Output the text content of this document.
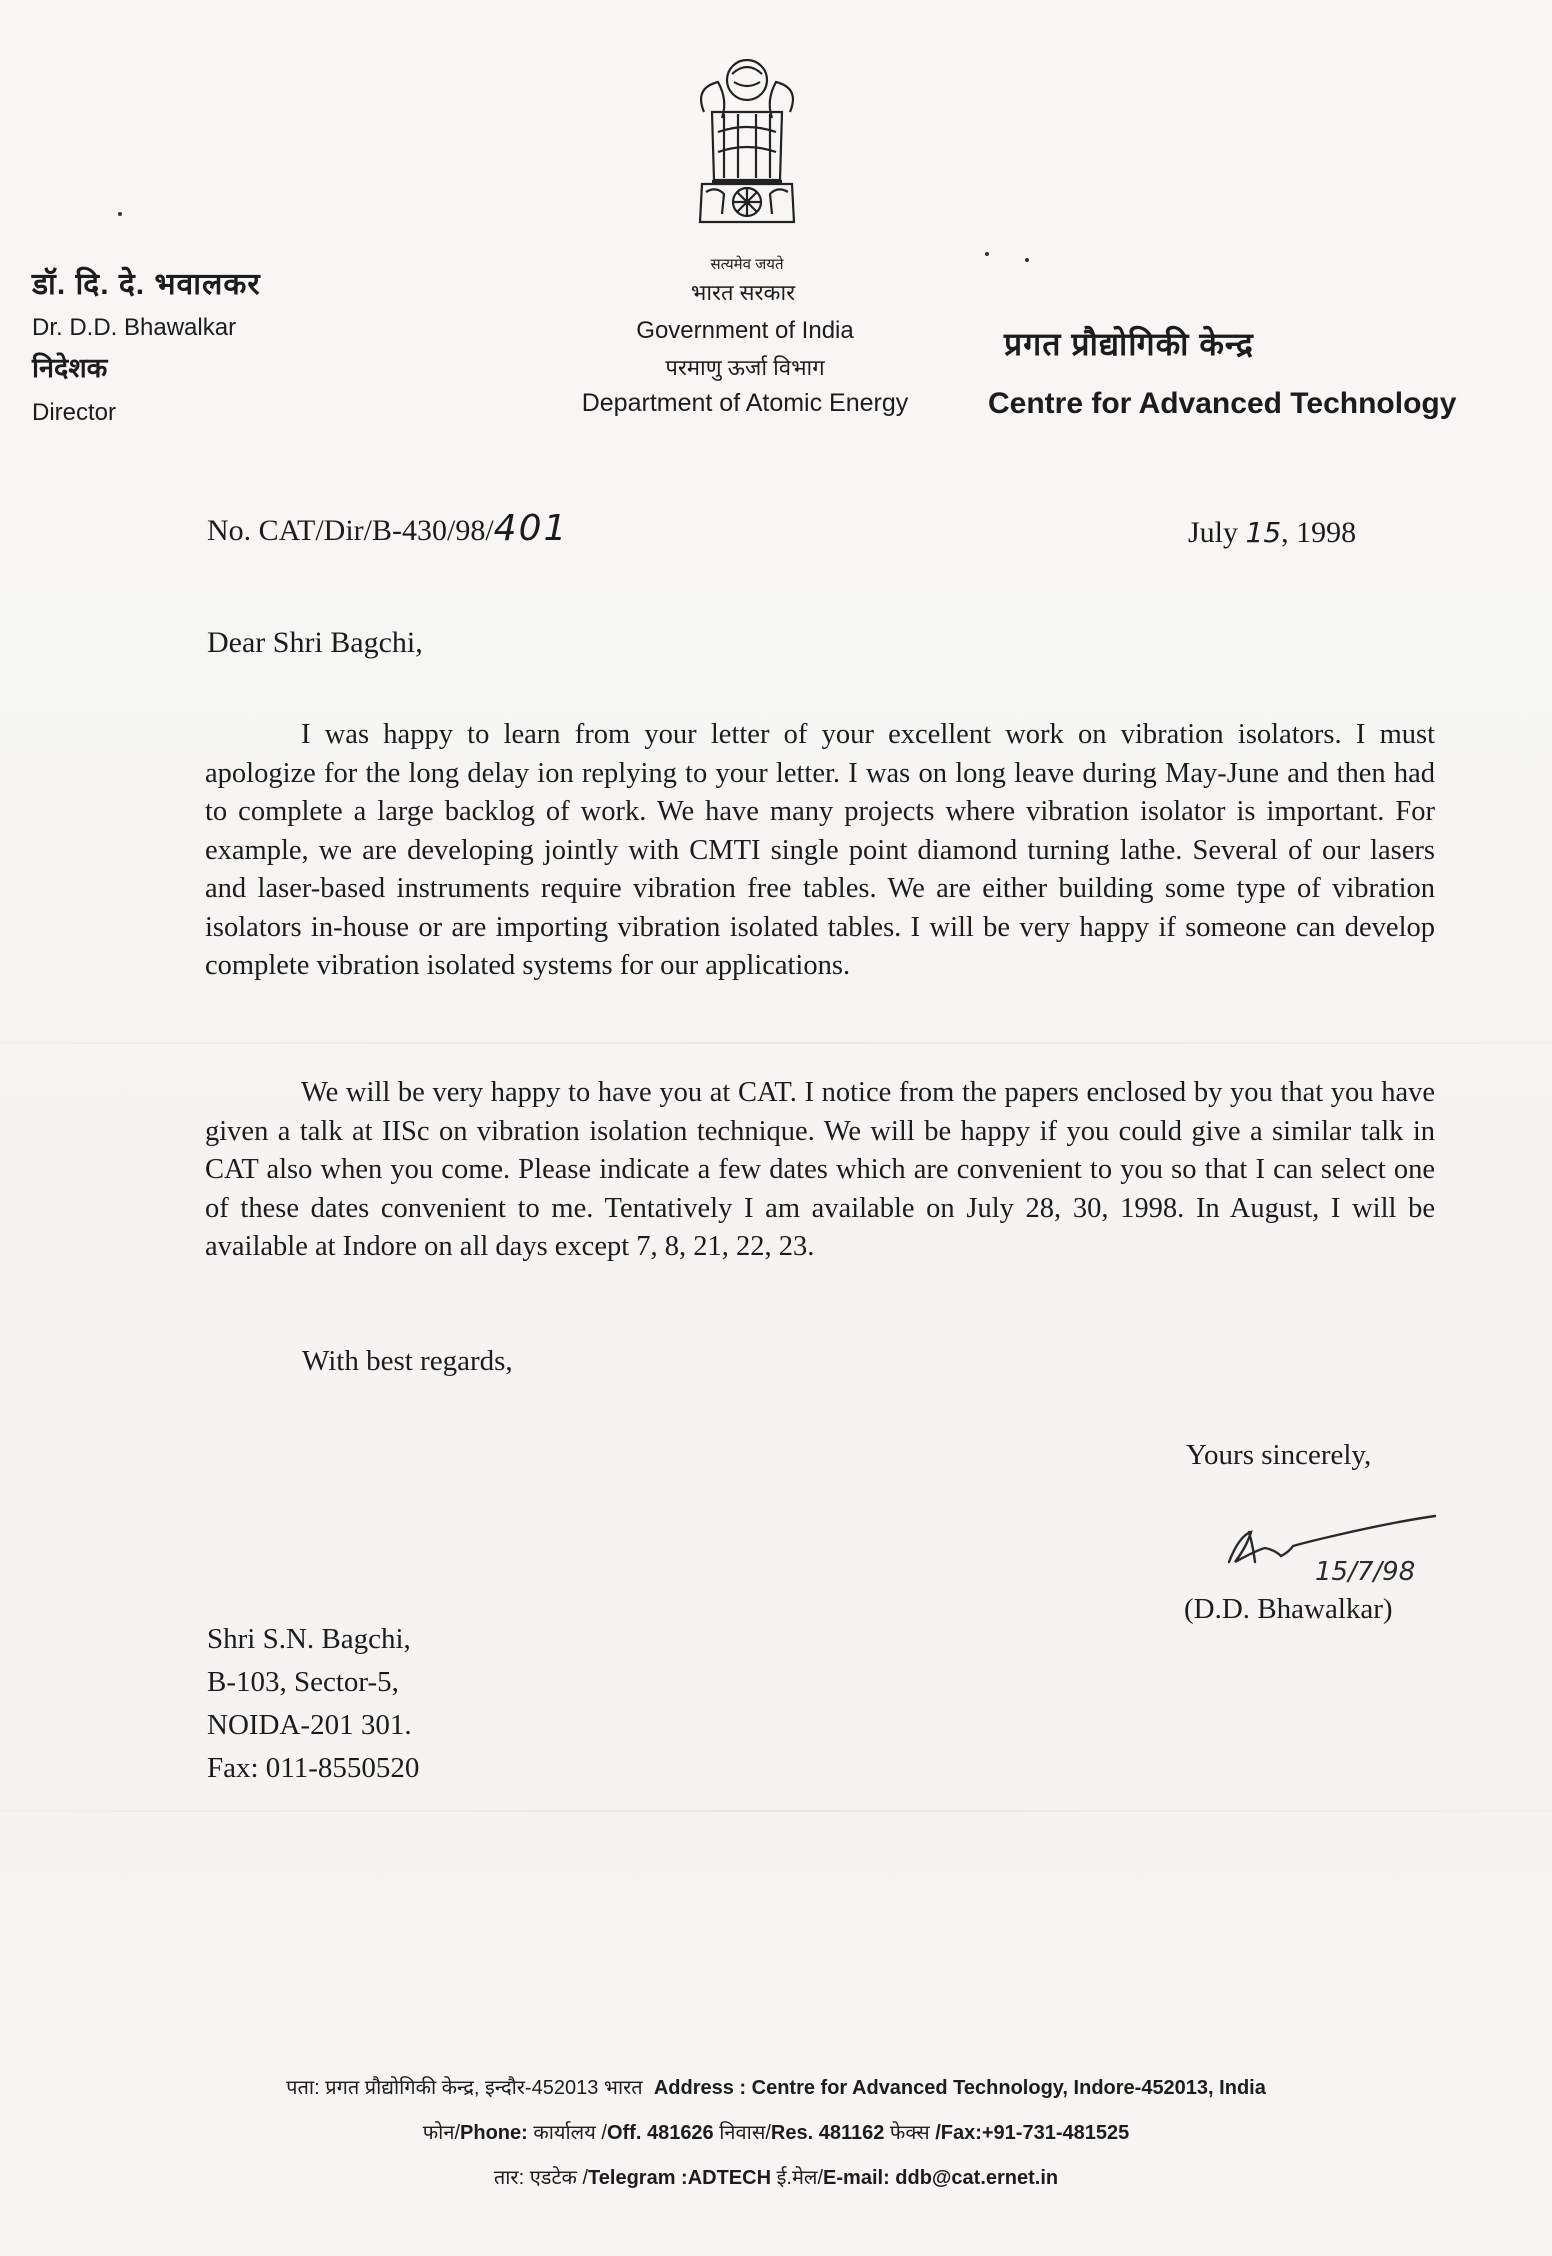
डॉ. दि. दे. भवालकर
Dr. D.D. Bhawalkar
निदेशक
Director
सत्यमेव जयते
भारत सरकार
Government of India
परमाणु ऊर्जा विभाग
Department of Atomic Energy
प्रगत प्रौद्योगिकी केन्द्र
Centre for Advanced Technology
No. CAT/Dir/B-430/98/401	July 15, 1998
Dear Shri Bagchi,
I was happy to learn from your letter of your excellent work on vibration isolators. I must apologize for the long delay ion replying to your letter. I was on long leave during May-June and then had to complete a large backlog of work. We have many projects where vibration isolator is important. For example, we are developing jointly with CMTI single point diamond turning lathe. Several of our lasers and laser-based instruments require vibration free tables. We are either building some type of vibration isolators in-house or are importing vibration isolated tables. I will be very happy if someone can develop complete vibration isolated systems for our applications.
We will be very happy to have you at CAT. I notice from the papers enclosed by you that you have given a talk at IISc on vibration isolation technique. We will be happy if you could give a similar talk in CAT also when you come. Please indicate a few dates which are convenient to you so that I can select one of these dates convenient to me. Tentatively I am available on July 28, 30, 1998. In August, I will be available at Indore on all days except 7, 8, 21, 22, 23.
With best regards,
Yours sincerely,
15/7/98
(D.D. Bhawalkar)
Shri S.N. Bagchi,
B-103, Sector-5,
NOIDA-201 301.
Fax: 011-8550520
पता: प्रगत प्रौद्योगिकी केन्द्र, इन्दौर-452013 भारत Address : Centre for Advanced Technology, Indore-452013, India
फोन/Phone: कार्यालय /Off. 481626 निवास/Res. 481162 फेक्स /Fax:+91-731-481525
तार: एडटेक /Telegram :ADTECH ई.मेल/E-mail: ddb@cat.ernet.in
